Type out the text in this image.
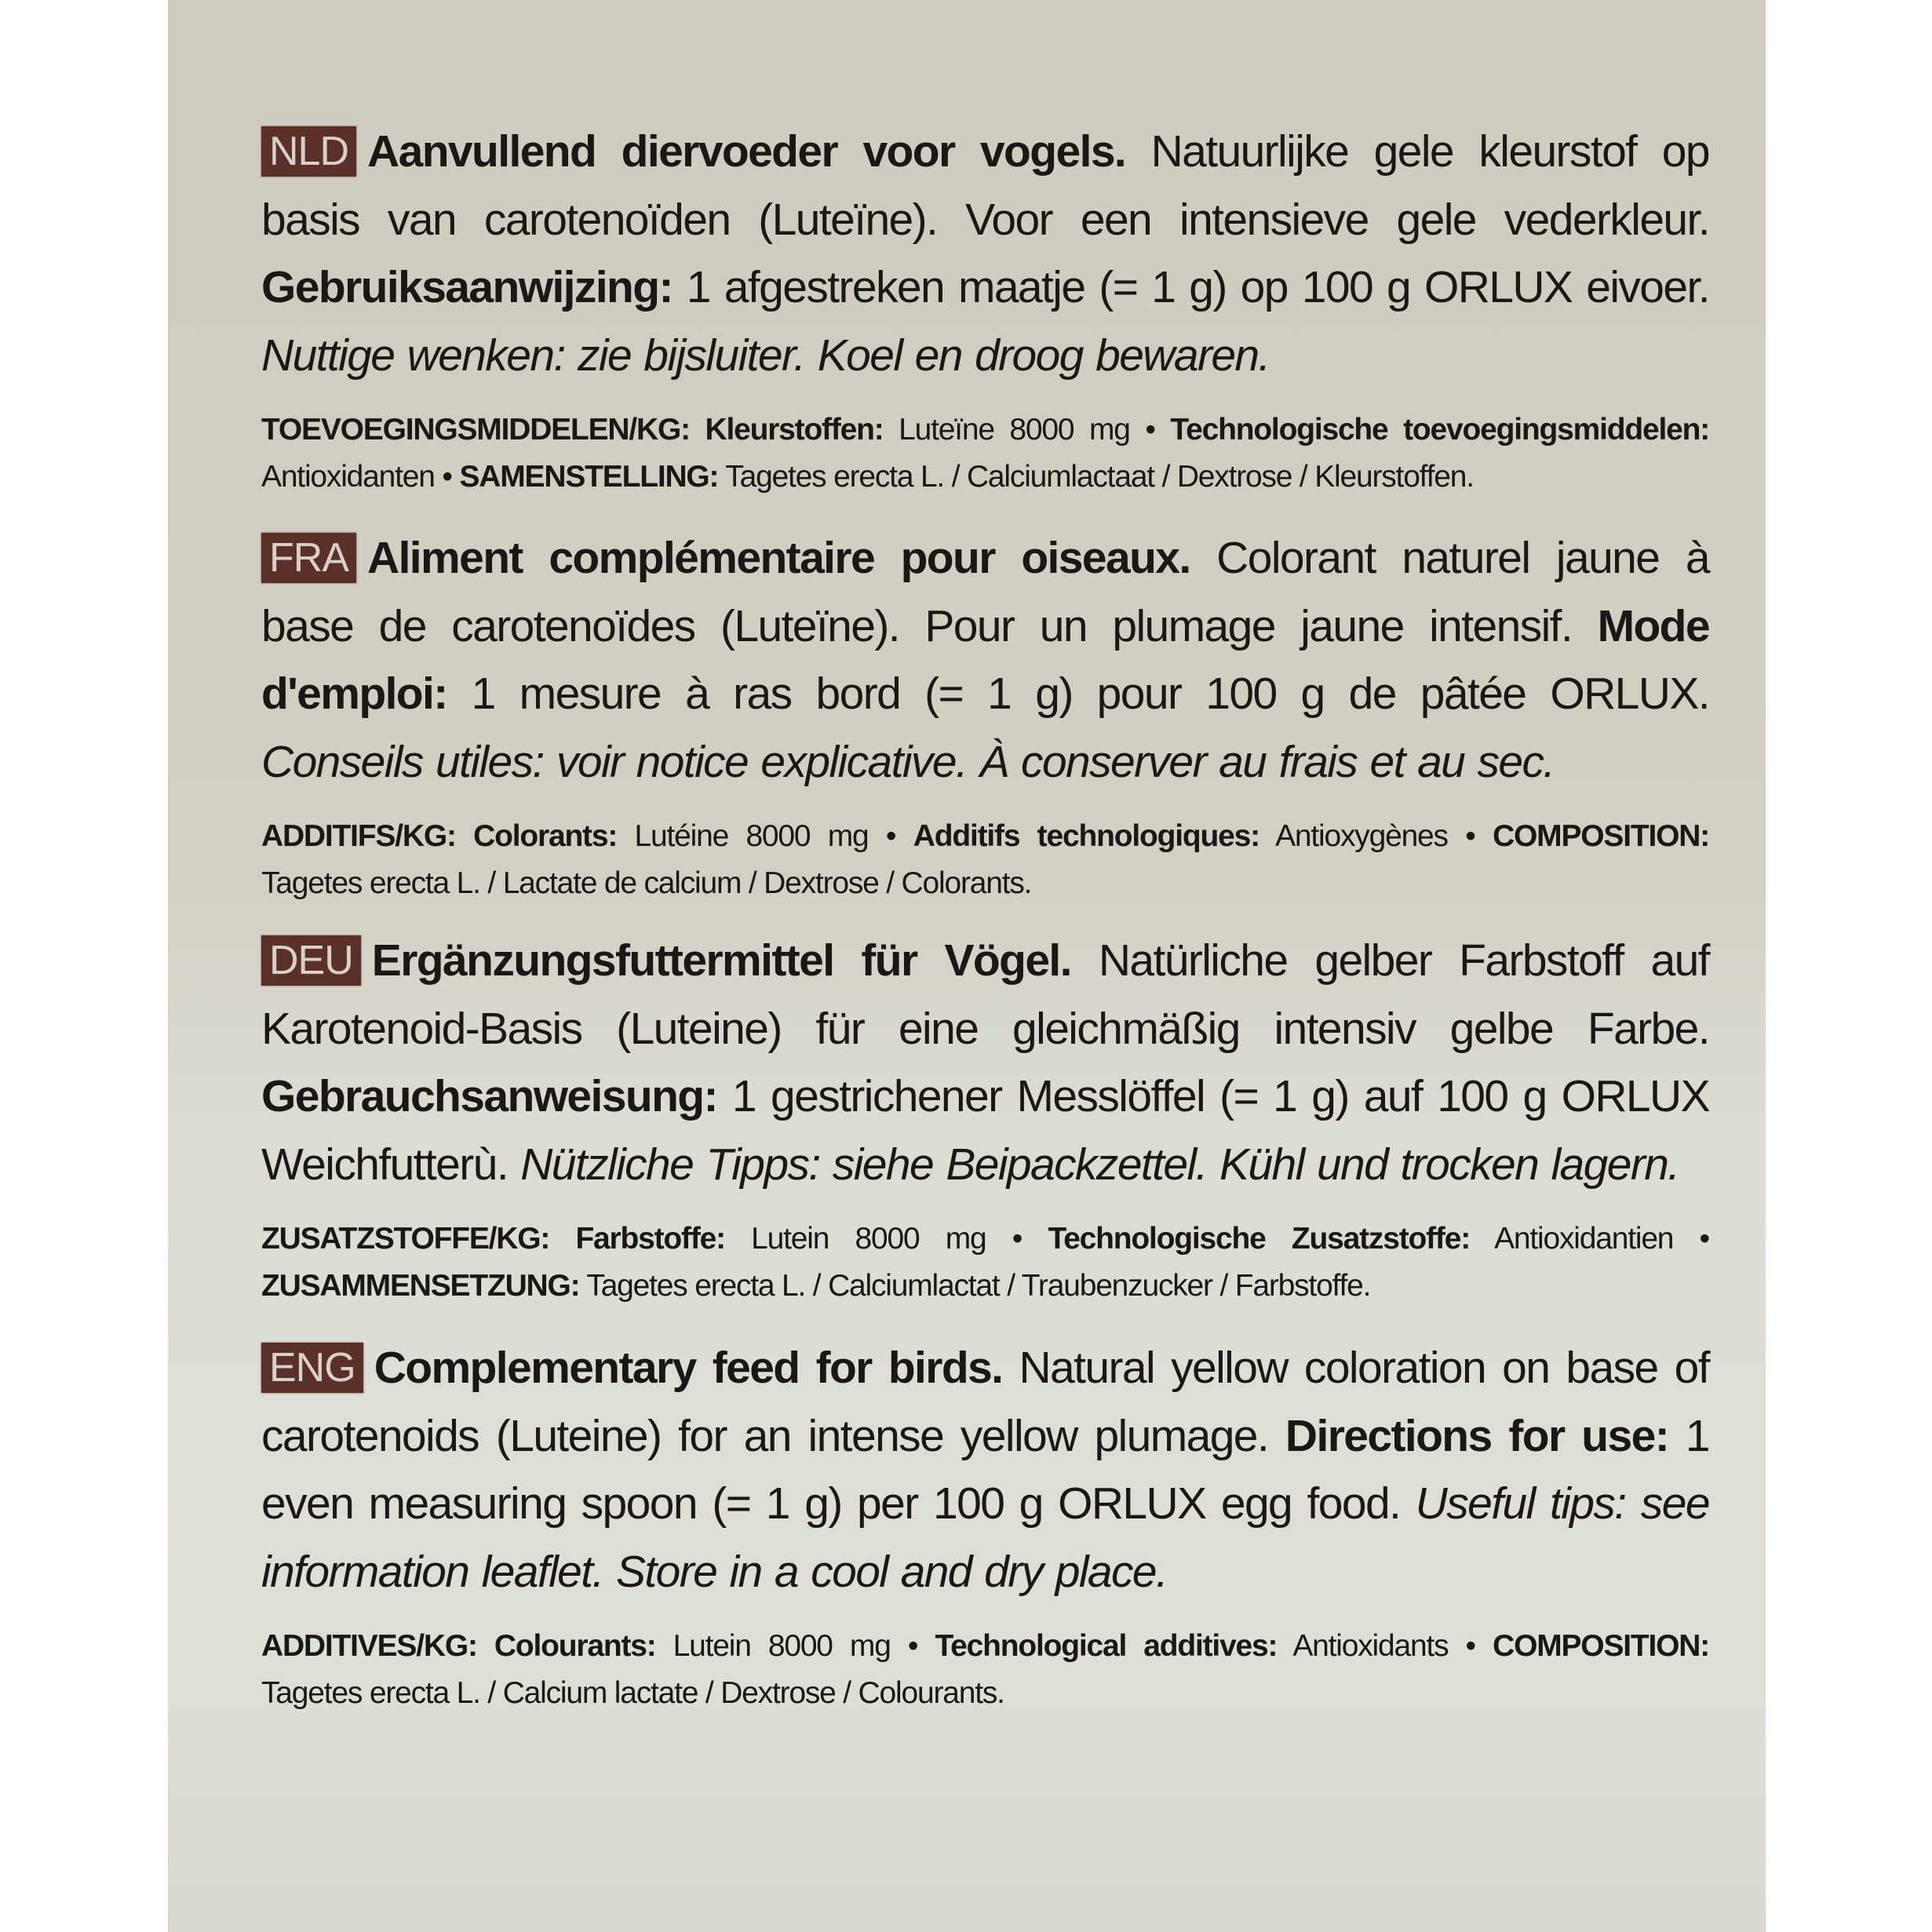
NLD Aanvullend diervoeder voor vogels. Natuurlijke gele kleurstof op basis van carotenoïden (Luteïne). Voor een intensieve gele vederkleur. Gebruiksaanwijzing: 1 afgestreken maatje (= 1 g) op 100 g ORLUX eivoer. Nuttige wenken: zie bijsluiter. Koel en droog bewaren.
TOEVOEGINGSMIDDELEN/KG: Kleurstoffen: Luteïne 8000 mg • Technologische toevoegingsmiddelen: Antioxidanten • SAMENSTELLING: Tagetes erecta L. / Calciumlactaat / Dextrose / Kleurstoffen.
FRA Aliment complémentaire pour oiseaux. Colorant naturel jaune à base de carotenoïdes (Luteïne). Pour un plumage jaune intensif. Mode d'emploi: 1 mesure à ras bord (= 1 g) pour 100 g de pâtée ORLUX. Conseils utiles: voir notice explicative. À conserver au frais et au sec.
ADDITIFS/KG: Colorants: Lutéine 8000 mg • Additifs technologiques: Antioxygènes • COMPOSITION: Tagetes erecta L. / Lactate de calcium / Dextrose / Colorants.
DEU Ergänzungsfuttermittel für Vögel. Natürliche gelber Farbstoff auf Karotenoid-Basis (Luteine) für eine gleichmäßig intensiv gelbe Farbe. Gebrauchsanweisung: 1 gestrichener Messlöffel (= 1 g) auf 100 g ORLUX Weichfutterù. Nützliche Tipps: siehe Beipackzettel. Kühl und trocken lagern.
ZUSATZSTOFFE/KG: Farbstoffe: Lutein 8000 mg • Technologische Zusatzstoffe: Antioxidantien • ZUSAMMENSETZUNG: Tagetes erecta L. / Calciumlactat / Traubenzucker / Farbstoffe.
ENG Complementary feed for birds. Natural yellow coloration on base of carotenoids (Luteine) for an intense yellow plumage. Directions for use: 1 even measuring spoon (= 1 g) per 100 g ORLUX egg food. Useful tips: see information leaflet. Store in a cool and dry place.
ADDITIVES/KG: Colourants: Lutein 8000 mg • Technological additives: Antioxidants • COMPOSITION: Tagetes erecta L. / Calcium lactate / Dextrose / Colourants.
